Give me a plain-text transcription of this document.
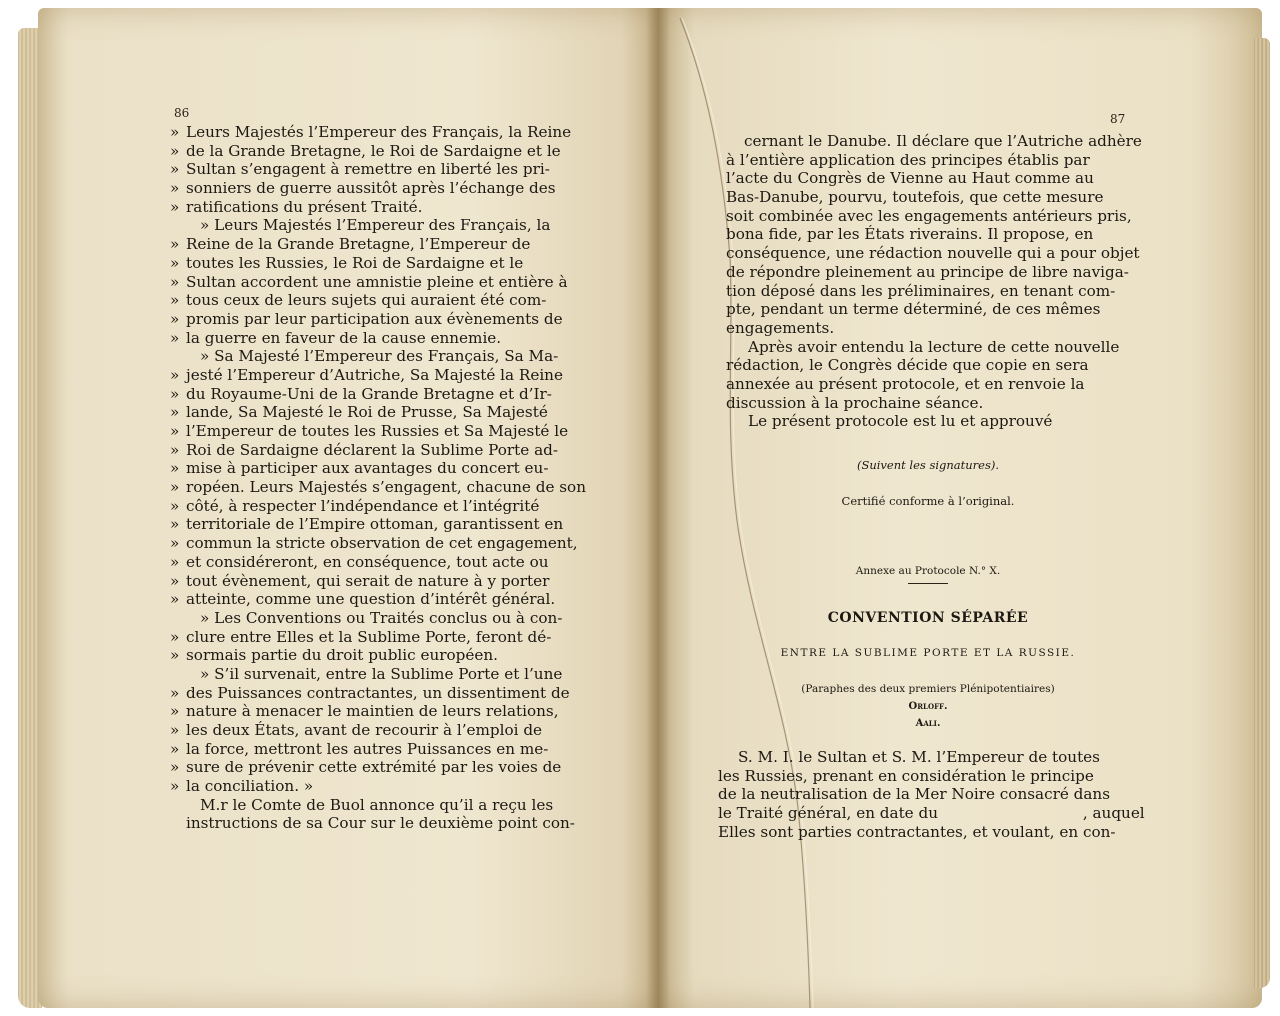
86
» Leurs Majestés l’Empereur des Français, la Reine
» de la Grande Bretagne, le Roi de Sardaigne et le
» Sultan s’engagent à remettre en liberté les pri-
» sonniers de guerre aussitôt après l’échange des
» ratifications du présent Traité.
» Leurs Majestés l’Empereur des Français, la
» Reine de la Grande Bretagne, l’Empereur de
» toutes les Russies, le Roi de Sardaigne et le
» Sultan accordent une amnistie pleine et entière à
» tous ceux de leurs sujets qui auraient été com-
» promis par leur participation aux évènements de
» la guerre en faveur de la cause ennemie.
» Sa Majesté l’Empereur des Français, Sa Ma-
» jesté l’Empereur d’Autriche, Sa Majesté la Reine
» du Royaume-Uni de la Grande Bretagne et d’Ir-
» lande, Sa Majesté le Roi de Prusse, Sa Majesté
» l’Empereur de toutes les Russies et Sa Majesté le
» Roi de Sardaigne déclarent la Sublime Porte ad-
» mise à participer aux avantages du concert eu-
» ropéen. Leurs Majestés s’engagent, chacune de son
» côté, à respecter l’indépendance et l’intégrité
» territoriale de l’Empire ottoman, garantissent en
» commun la stricte observation de cet engagement,
» et considéreront, en conséquence, tout acte ou
» tout évènement, qui serait de nature à y porter
» atteinte, comme une question d’intérêt général.
» Les Conventions ou Traités conclus ou à con-
» clure entre Elles et la Sublime Porte, feront dé-
» sormais partie du droit public européen.
» S’il survenait, entre la Sublime Porte et l’une
» des Puissances contractantes, un dissentiment de
» nature à menacer le maintien de leurs relations,
» les deux États, avant de recourir à l’emploi de
» la force, mettront les autres Puissances en me-
» sure de prévenir cette extrémité par les voies de
» la conciliation. »
M.r le Comte de Buol annonce qu’il a reçu les
instructions de sa Cour sur le deuxième point con-
87
cernant le Danube. Il déclare que l’Autriche adhère
à l’entière application des principes établis par
l’acte du Congrès de Vienne au Haut comme au
Bas-Danube, pourvu, toutefois, que cette mesure
soit combinée avec les engagements antérieurs pris,
bona fide, par les États riverains. Il propose, en
conséquence, une rédaction nouvelle qui a pour objet
de répondre pleinement au principe de libre naviga-
tion déposé dans les préliminaires, en tenant com-
pte, pendant un terme déterminé, de ces mêmes
engagements.
Après avoir entendu la lecture de cette nouvelle
rédaction, le Congrès décide que copie en sera
annexée au présent protocole, et en renvoie la
discussion à la prochaine séance.
Le présent protocole est lu et approuvé
(Suivent les signatures).
Certifié conforme à l’original.
Annexe au Protocole N.° X.
CONVENTION SÉPARÉE
ENTRE LA SUBLIME PORTE ET LA RUSSIE.
(Paraphes des deux premiers Plénipotentiaires)
Orloff.
Aali.
S. M. I. le Sultan et S. M. l’Empereur de toutes
les Russies, prenant en considération le principe
de la neutralisation de la Mer Noire consacré dans
le Traité général, en date du                              , auquel
Elles sont parties contractantes, et voulant, en con-
